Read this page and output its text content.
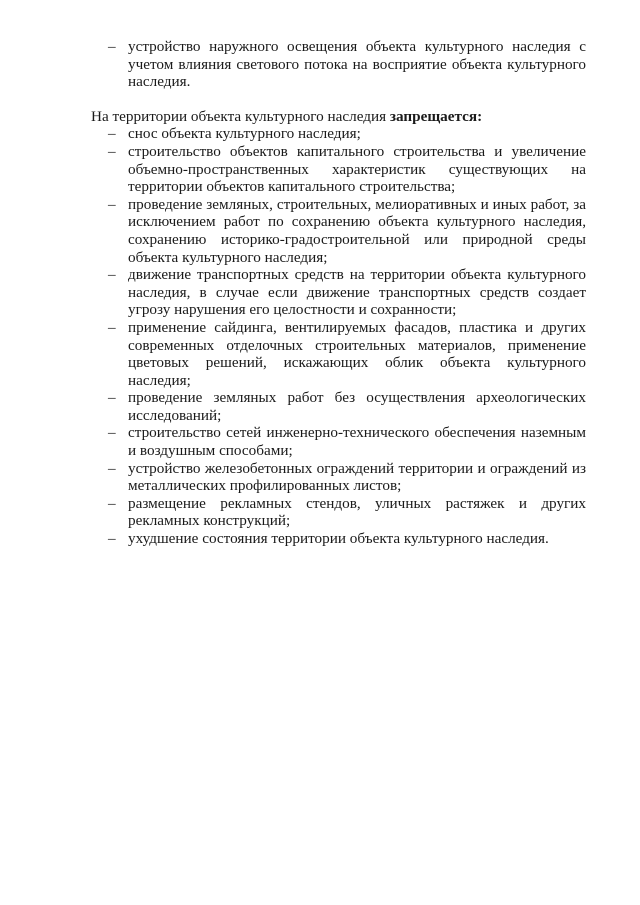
– устройство наружного освещения объекта культурного наследия с учетом влияния светового потока на восприятие объекта культурного наследия.

На территории объекта культурного наследия запрещается:

– снос объекта культурного наследия;
– строительство объектов капитального строительства и увеличение объемно-пространственных характеристик существующих на территории объектов капитального строительства;
– проведение земляных, строительных, мелиоративных и иных работ, за исключением работ по сохранению объекта культурного наследия, сохранению историко-градостроительной или природной среды объекта культурного наследия;
– движение транспортных средств на территории объекта культурного наследия, в случае если движение транспортных средств создает угрозу нарушения его целостности и сохранности;
– применение сайдинга, вентилируемых фасадов, пластика и других современных отделочных строительных материалов, применение цветовых решений, искажающих облик объекта культурного наследия;
– проведение земляных работ без осуществления археологических исследований;
– строительство сетей инженерно-технического обеспечения наземным и воздушным способами;
– устройство железобетонных ограждений территории и ограждений из металлических профилированных листов;
– размещение рекламных стендов, уличных растяжек и других рекламных конструкций;
– ухудшение состояния территории объекта культурного наследия.
